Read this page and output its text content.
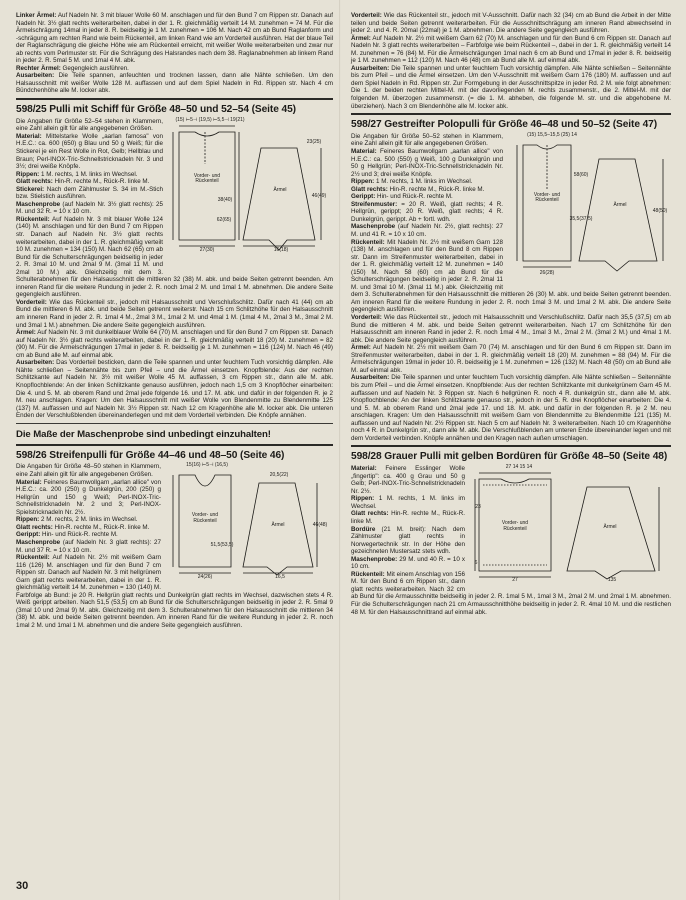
Linker Ärmel: Auf Nadeln Nr. 3 mit blauer Wolle 60 M. anschlagen und für den Bund 7 cm Rippen str. Danach auf Nadeln Nr. 3½ glatt rechts weiterarbeiten, dabei in der 1. R. gleichmäßig verteilt 14 M. zunehmen = 74 M. Für die Ärmelschrägung 14mal in jeder 8. R. beidseitig je 1 M. zunehmen = 106 M. Nach 42 cm ab Bund Raglanform und -schrägung am rechten Rand wie beim Rückenteil, am linken Rand wie am Vorderteil ausführen. Hat der blaue Teil der Raglanschrägung die gleiche Höhe wie am Rückenteil erreicht, mit weißer Wolle weiterarbeiten und zwar nur ab rechts vom Perlmuster str. Für die Schrägung des Halsrandes nach dem 38. Raglanabnehmen ab linkem Rand in jeder 2. R. 5mal 5 M. und 1mal 4 M. abk.

Rechter Ärmel: Gegengleich ausführen.

Ausarbeiten: Die Teile spannen, anfeuchten und trocknen lassen, dann alle Nähte schließen. Um den Halsausschnitt mit weißer Wolle 128 M. auffassen und auf dem Spiel Nadeln in Rd. Rippen str. Nach 4 cm Bündchenhöhe alle M. locker abk.

598/25 Pulli mit Schiff für Größe 48–50 und 52–54 (Seite 45)
(15) ⊢5⊣ (19,5) ⊢5,5⊣ 19(21)
Vorder- und Rückenteil
Ärmel
27(30)	16(18)
38(40)
62(65)
23(25)
46(49)

Die Angaben für Größe 52–54 stehen in Klammern, eine Zahl allein gilt für alle angegebenen Größen.

Material: Mittelstarke Wolle „aarlan famosa" von H.E.C.: ca. 600 (650) g Blau und 50 g Weiß; für die Stickerei je ein Rest Wolle in Rot, Gelb; Hellblau und Braun; Perl-INOX-Tric-Schnellstricknadeln Nr. 3 und 3½; drei weiße Knöpfe.

Rippen: 1 M. rechts, 1 M. links im Wechsel.

Glatt rechts: Hin-R. rechte M., Rück-R. linke M.

Stickerei: Nach dem Zählmuster S. 34 im M.-Stich bzw. Stielstich ausführen.

Maschenprobe (auf Nadeln Nr. 3½ glatt rechts): 25 M. und 32 R. = 10 x 10 cm.

Rückenteil: Auf Nadeln Nr. 3 mit blauer Wolle 124 (140) M. anschlagen und für den Bund 7 cm Rippen str. Danach auf Nadeln Nr. 3½ glatt rechts weiterarbeiten, dabei in der 1. R. gleichmäßig verteilt 10 M. zunehmen = 134 (150) M. Nach 62 (65) cm ab Bund für die Schulterschrägungen beidseitig in jeder 2. R. 3mal 10 M. und 2mal 9 M. (3mal 11 M. und 2mal 10 M.) abk. Gleichzeitig mit dem 3. Schulterabnehmen für den Halsausschnitt die mittleren 32 (38) M. abk. und beide Seiten getrennt beenden. Am inneren Rand für die weitere Rundung in jeder 2. R. noch 1mal 2 M. und 1mal 1 M. abnehmen. Die andere Seite gegengleich ausführen.

Vorderteil: Wie das Rückenteil str., jedoch mit Halsausschnitt und Verschlußschlitz. Dafür nach 41 (44) cm ab Bund die mittleren 6 M. abk. und beide Seiten getrennt weiterstr. Nach 15 cm Schlitzhöhe für den Halsausschnitt am inneren Rand in jeder 2. R. 1mal 4 M., 2mal 3 M., 1mal 2 M. und 4mal 1 M. (1mal 4 M., 2mal 3 M., 3mal 2 M. und 3mal 1 M.) abnehmen. Die andere Seite gegengleich ausführen.

Ärmel: Auf Nadeln Nr. 3 mit dunkelblauer Wolle 64 (70) M. anschlagen und für den Bund 7 cm Rippen str. Danach auf Nadeln Nr. 3½ glatt rechts weiterarbeiten, dabei in der 1. R. gleichmäßig verteilt 18 (20) M. zunehmen = 82 (90) M. Für die Ärmelschrägungen 17mal in jeder 8. R. beidseitig je 1 M. zunehmen = 116 (124) M. Nach 46 (49) cm ab Bund alle M. auf einmal abk.

Ausarbeiten: Das Vorderteil besticken, dann die Teile spannen und unter feuchtem Tuch vorsichtig dämpfen. Alle Nähte schließen – Seitennähte bis zum Pfeil – und die Ärmel einsetzen. Knopfblende: Aus der rechten Schlitzkante auf Nadeln Nr. 3½ mit weißer Wolle 45 M. auffassen, 3 cm Rippen str., dann alle M. abk. Knopflochblende: An der linken Schlitzkante genauso ausführen, jedoch nach 1,5 cm 3 Knopflöcher einarbeiten: Die 4. und 5. M. ab oberem Rand und 2mal jede folgende 16. und 17. M. abk. und dafür in der folgenden R. je 2 M. neu anschlagen. Kragen: Um den Halsausschnitt mit weißer Wolle von Blendenmitte zu Blendenmitte 125 (137) M. auffassen und auf Nadeln Nr. 3½ Rippen str. Nach 12 cm Kragenhöhe alle M. locker abk. Die unteren Enden der Verschlußblenden übereinanderlegen und mit dem Vorderteil verbinden. Die Knöpfe annähen.

Die Maße der Maschenprobe sind unbedingt einzuhalten!
598/26 Streifenpulli für Größe 44–46 und 48–50 (Seite 46)
15(16) ⊢5⊣ (16,5)
Vorder- und Rückenteil
Ärmel
24(26)
20,5(22)
16,5
51,5(53,5)
46(48)

Die Angaben für Größe 48–50 stehen in Klammern, eine Zahl allein gilt für alle angegebenen Größen.

Material: Feineres Baumwollgarn „aarlan allice" von H.E.C.: ca. 200 (250) g Dunkelgrün, 200 (250) g Hellgrün und 150 g Weiß; Perl-INOX-Tric-Schnellstricknadeln Nr. 2 und 3; Perl-INOX-Spielstricknadeln Nr. 2½.

Rippen: 2 M. rechts, 2 M. links im Wechsel.

Glatt rechts: Hin-R. rechte M., Rück-R. linke M.

Gerippt: Hin- und Rück-R. rechte M.

Maschenprobe (auf Nadeln Nr. 3 glatt rechts): 27 M. und 37 R. = 10 x 10 cm.

Rückenteil: Auf Nadeln Nr. 2½ mit weißem Garn 116 (126) M. anschlagen und für den Bund 7 cm Rippen str. Danach auf Nadeln Nr. 3 mit hellgrünem Garn glatt rechts weiterarbeiten, dabei in der 1. R. gleichmäßig verteilt 14 M. zunehmen = 130 (140) M. Farbfolge ab Bund: je 20 R. Hellgrün glatt rechts und Dunkelgrün glatt rechts im Wechsel, dazwischen stets 4 R. Weiß gerippt arbeiten. Nach 51,5 (53,5) cm ab Bund für die Schulterschrägungen beidseitig in jeder 2. R. 5mal 9 (3mal 10 und 2mal 9) M. abk. Gleichzeitig mit dem 3. Schulterabnehmen für den Halsausschnitt die mittleren 34 (38) M. abk. und beide Seiten getrennt beenden. Am inneren Rand für die weitere Rundung in jeder 2. R. noch 1mal 2 M. und 1mal 1 M. abnehmen und die andere Seite gegengleich ausführen.

Vorderteil: Wie das Rückenteil str., jedoch mit V-Ausschnitt. Dafür nach 32 (34) cm ab Bund die Arbeit in der Mitte teilen und beide Seiten getrennt weiterarbeiten. Für die Ausschnittschrägung am inneren Rand abwechselnd in jeder 2. und 4. R. 20mal (22mal) je 1 M. abnehmen. Die andere Seite gegengleich ausführen.

Ärmel: Auf Nadeln Nr. 2½ mit weißem Garn 62 (70) M. anschlagen und für den Bund 6 cm Rippen str. Danach auf Nadeln Nr. 3 glatt rechts weiterarbeiten – Farbfolge wie beim Rückenteil –, dabei in der 1. R. gleichmäßig verteilt 14 M. zunehmen = 76 (84) M. Für die Ärmelschrägungen 1mal nach 6 cm ab Bund und 17mal in jeder 8. R. beidseitig je 1 M. zunehmen = 112 (120) M. Nach 46 (48) cm ab Bund alle M. auf einmal abk.

Ausarbeiten: Die Teile spannen und unter feuchtem Tuch vorsichtig dämpfen. Alle Nähte schließen – Seitennähte bis zum Pfeil – und die Ärmel einsetzen. Um den V-Ausschnitt mit weißem Garn 176 (180) M. auffassen und auf dem Spiel Nadeln in Rd. Rippen str. Zur Formgebung in der Ausschnittspitze in jeder Rd. 2 M. wie folgt abnehmen: Die 1. der beiden rechten Mittel-M. mit der davorliegenden M. rechts zusammenstr., die 2. Mittel-M. mit der folgenden M. überzogen zusammenstr. (= die 1. M. abheben, die folgende M. str. und die abgehobene M. überziehen). Nach 3 cm Blendenhöhe alle M. locker abk.

598/27 Gestreifter Polopulli für Größe 46–48 und 50–52 (Seite 47)
(15) 15,5–15,5 (25) 14
Vorder- und Rückenteil
Ärmel
26(28)
35,5(37,5)
58(60)
48(50)

Die Angaben für Größe 50–52 stehen in Klammern, eine Zahl allein gilt für alle angegebenen Größen.

Material: Feineres Baumwollgarn „aarlan allice" von H.E.C.: ca. 500 (550) g Weiß, 100 g Dunkelgrün und 50 g Hellgrün; Perl-INOX-Tric-Schnellstricknadeln Nr. 2½ und 3; drei weiße Knöpfe.

Rippen: 1 M. rechts, 1 M. links im Wechsel.

Glatt rechts: Hin-R. rechte M., Rück-R. linke M.

Gerippt: Hin- und Rück-R. rechte M.

Streifenmuster: = 20 R. Weiß, glatt rechts; 4 R. Hellgrün, gerippt; 20 R. Weiß, glatt rechts; 4 R. Dunkelgrün, gerippt. Ab + fortl. wdh.

Maschenprobe (auf Nadeln Nr. 2½, glatt rechts): 27 M. und 41 R. = 10 x 10 cm.

Rückenteil: Mit Nadeln Nr. 2½ mit weißem Garn 128 (138) M. anschlagen und für den Bund 8 cm Rippen str. Dann im Streifenmuster weiterarbeiten, dabei in der 1. R. gleichmäßig verteilt 12 M. zunehmen = 140 (150) M. Nach 58 (60) cm ab Bund für die Schulterschrägungen beidseitig in jeder 2. R. 2mal 11 M. und 3mal 10 M. (3mal 11 M.) abk. Gleichzeitig mit dem 3. Schulterabnehmen für den Halsausschnitt die mittleren 26 (30) M. abk. und beide Seiten getrennt beenden. Am inneren Rand für die weitere Rundung in jeder 2. R. noch 1mal 3 M. und 1mal 2 M. abk. Die andere Seite gegengleich ausführen.

Vorderteil: Wie das Rückenteil str., jedoch mit Halsausschnitt und Verschlußschlitz. Dafür nach 35,5 (37,5) cm ab Bund die mittleren 4 M. abk. und beide Seiten getrennt weiterarbeiten. Nach 17 cm Schlitzhöhe für den Halsausschnitt am inneren Rand in jeder 2. R. noch 1mal 4 M., 1mal 3 M., 2mal 2 M. (3mal 2 M.) und 4mal 1 M. abk. Die andere Seite gegengleich ausführen.

Ärmel: Auf Nadeln Nr. 2½ mit weißem Garn 70 (74) M. anschlagen und für den Bund 6 cm Rippen str. Dann im Streifenmuster weiterarbeiten, dabei in der 1. R. gleichmäßig verteilt 18 (20) M. zunehmen = 88 (94) M. Für die Ärmelschrägungen 19mal in jeder 10. R. beidseitig je 1 M. zunehmen = 126 (132) M. Nach 48 (50) cm ab Bund alle M. auf einmal abk.

Ausarbeiten: Die Teile spannen und unter feuchtem Tuch vorsichtig dämpfen. Alle Nähte schließen – Seitennähte bis zum Pfeil – und die Ärmel einsetzen. Knopfblende: Aus der rechten Schlitzkante mit dunkelgrünem Garn 45 M. auffassen und auf Nadeln Nr. 3 Rippen str. Nach 6 hellgrünen R. noch 4 R. dunkelgrün str., dann alle M. abk. Knopflochblende: An der linken Schlitzkante genauso str., jedoch in der 5. R. drei Knopflöcher einarbeiten: Die 4. und 5. M. ab oberem Rand und 2mal jede 17. und 18. M. abk. und dafür in der folgenden R. je 2 M. neu anschlagen. Kragen: Um den Halsausschnitt mit weißem Garn von Blendenmitte zu Blendenmitte 121 (135) M. auffassen und auf Nadeln Nr. 2½ Rippen str. Nach 5 cm auf Nadeln Nr. 3 weiterarbeiten. Nach 10 cm Kragenhöhe noch 4 R. in Dunkelgrün str., dann alle M. abk. Die Verschlußblenden am unteren Ende übereinander legen und mit dem Vorderteil verbinden. Knöpfe annähen und den Kragen nach außen umschlagen.

598/28 Grauer Pulli mit gelben Bordüren für Größe 48–50 (Seite 48)
27 14 15 14
Vorder- und Rückenteil	Ärmel
27
23
6
135

Material: Feinere Esslinger Wolle „fingertip": ca. 400 g Grau und 50 g Gelb; Perl-INOX-Tric-Schnellstricknadeln Nr. 2½.

Rippen: 1 M. rechts, 1 M. links im Wechsel.

Glatt rechts: Hin-R. rechte M., Rück-R. linke M.

Bordüre (21 M. breit): Nach dem Zählmuster glatt rechts in Norwegertechnik str. In der Höhe den gezeichneten Mustersatz stets wdh.

Maschenprobe: 29 M. und 40 R. = 10 x 10 cm.

Rückenteil: Mit einem Anschlag von 156 M. für den Bund 6 cm Rippen str., dann glatt rechts weiterarbeiten. Nach 32 cm ab Bund für die Armausschnitte beidseitig in jeder 2. R. 1mal 5 M., 1mal 3 M., 2mal 2 M. und 2mal 1 M. abnehmen. Für die Schulterschrägungen nach 21 cm Armausschnitthöhe beidseitig in jeder 2. R. 4mal 10 M. und die restlichen 48 M. für den Halsausschnittrand auf einmal abk.

30
